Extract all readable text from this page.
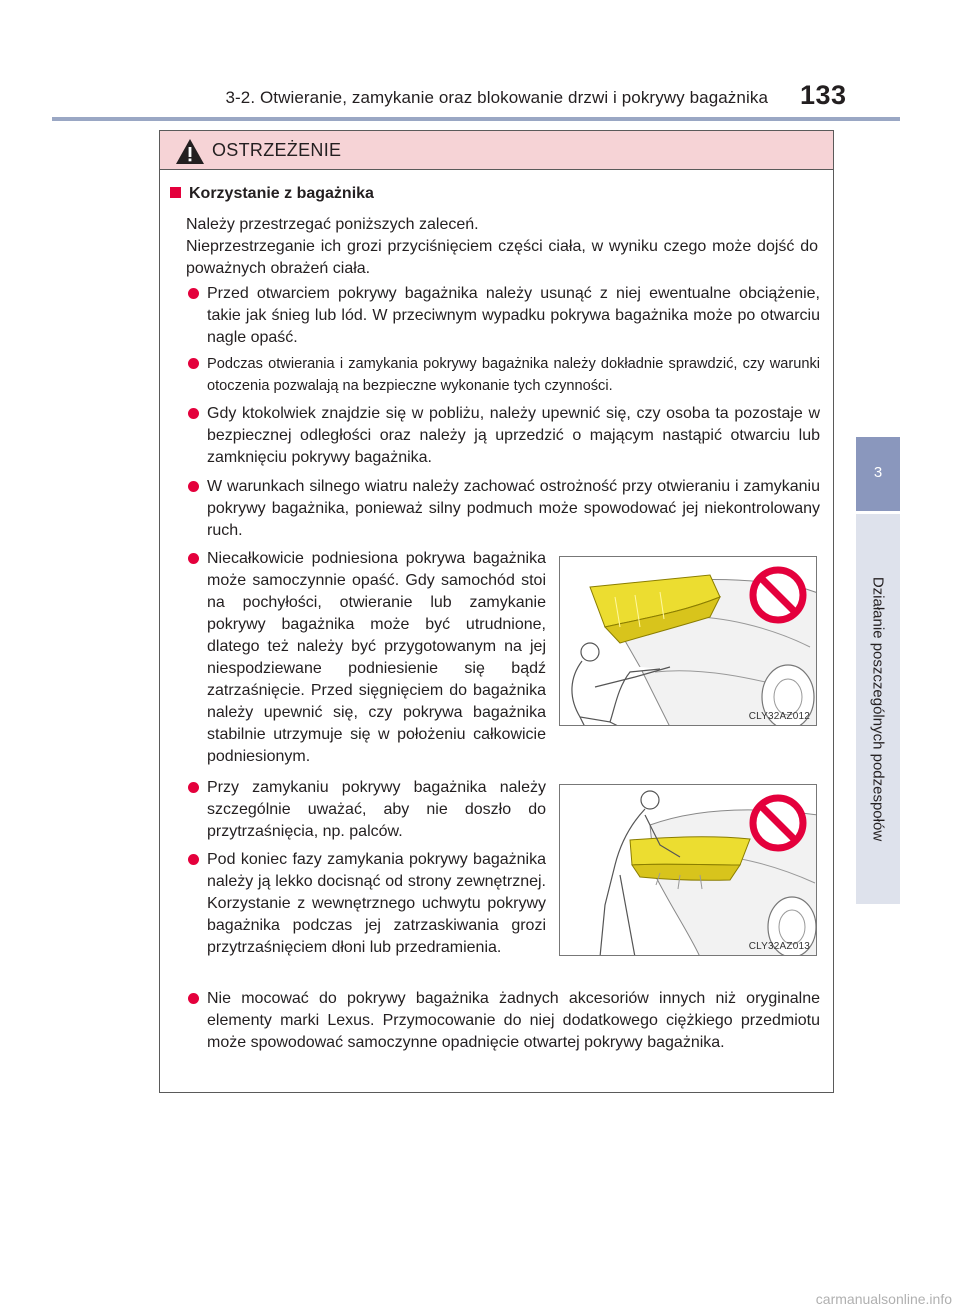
3-2. Otwieranie, zamykanie oraz blokowanie drzwi i pokrywy bagażnika 133
3
Działanie poszczególnych podzespołów
OSTRZEŻENIE
Korzystanie z bagażnika
Należy przestrzegać poniższych zaleceń.
Nieprzestrzeganie ich grozi przyciśnięciem części ciała, w wyniku czego może dojść do poważnych obrażeń ciała.
Przed otwarciem pokrywy bagażnika należy usunąć z niej ewentualne obciążenie, takie jak śnieg lub lód. W przeciwnym wypadku pokrywa bagażnika może po otwarciu nagle opaść.
Podczas otwierania i zamykania pokrywy bagażnika należy dokładnie sprawdzić, czy warunki otoczenia pozwalają na bezpieczne wykonanie tych czynności.
Gdy ktokolwiek znajdzie się w pobliżu, należy upewnić się, czy osoba ta pozostaje w bezpiecznej odległości oraz należy ją uprzedzić o mającym nastąpić otwarciu lub zamknięciu pokrywy bagażnika.
W warunkach silnego wiatru należy zachować ostrożność przy otwieraniu i zamykaniu pokrywy bagażnika, ponieważ silny podmuch może spowodować jej niekontrolowany ruch.
Niecałkowicie podniesiona pokrywa bagażnika może samoczynnie opaść. Gdy samochód stoi na pochyłości, otwieranie lub zamykanie pokrywy bagażnika może być utrudnione, dlatego też należy być przygotowanym na jej niespodziewane podniesienie się bądź zatrzaśnięcie. Przed sięgnięciem do bagażnika należy upewnić się, czy pokrywa bagażnika stabilnie utrzymuje się w położeniu całkowicie podniesionym.
Przy zamykaniu pokrywy bagażnika należy szczególnie uważać, aby nie doszło do przytrzaśnięcia, np. palców.
Pod koniec fazy zamykania pokrywy bagażnika należy ją lekko docisnąć od strony zewnętrznej. Korzystanie z wewnętrznego uchwytu pokrywy bagażnika podczas jej zatrzaskiwania grozi przytrzaśnięciem dłoni lub przedramienia.
Nie mocować do pokrywy bagażnika żadnych akcesoriów innych niż oryginalne elementy marki Lexus. Przymocowanie do niej dodatkowego ciężkiego przedmiotu może spowodować samoczynne opadnięcie otwartej pokrywy bagażnika.
CLY32AZ012
CLY32AZ013
carmanualsonline.info
